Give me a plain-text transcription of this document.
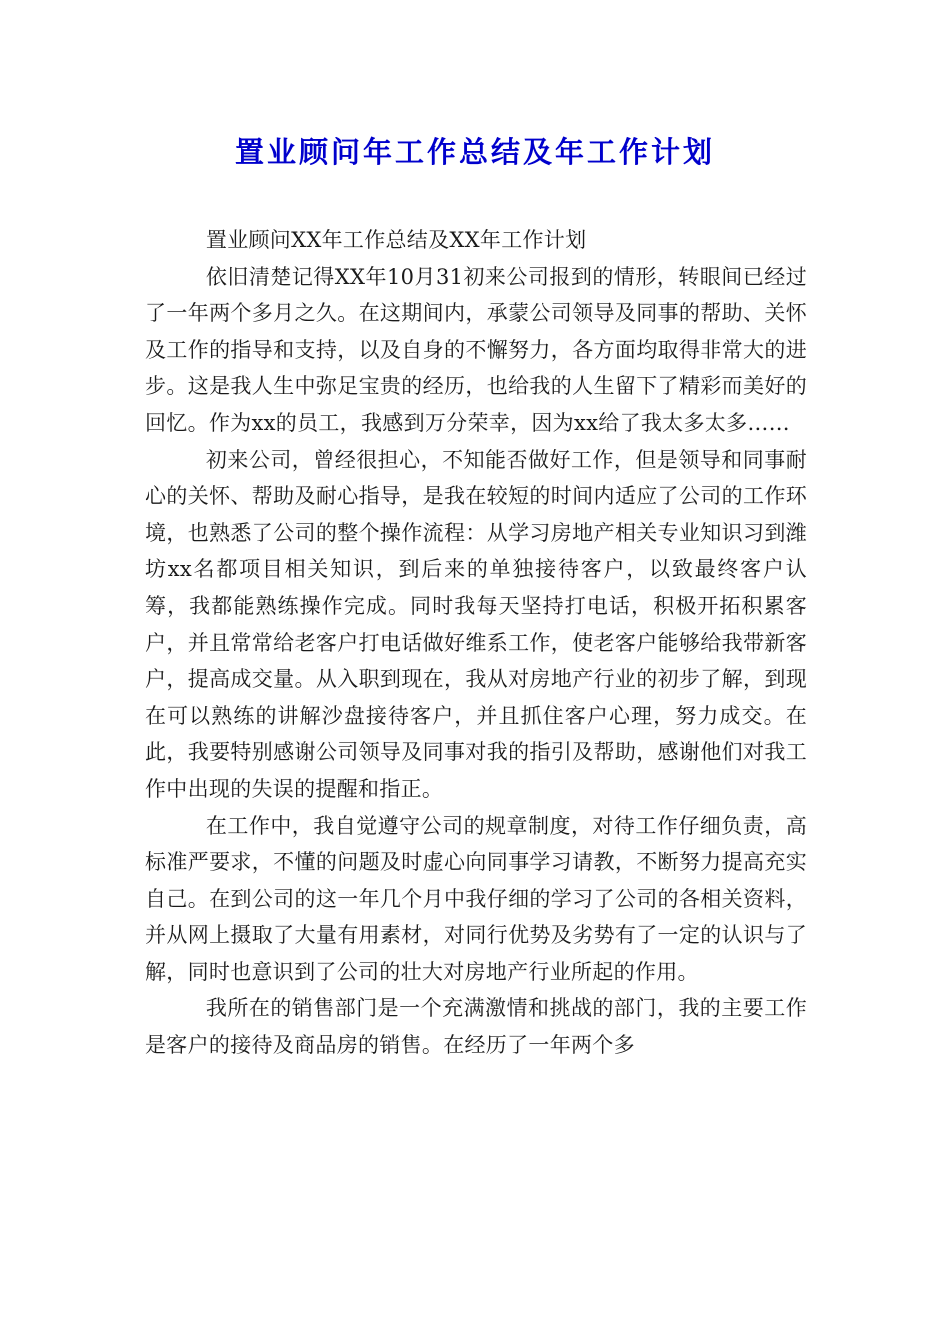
置业顾问年工作总结及年工作计划

置业顾问XX年工作总结及XX年工作计划

依旧清楚记得XX年10月31初来公司报到的情形，转眼间已经过了一年两个多月之久。在这期间内，承蒙公司领导及同事的帮助、关怀及工作的指导和支持，以及自身的不懈努力，各方面均取得非常大的进步。这是我人生中弥足宝贵的经历，也给我的人生留下了精彩而美好的回忆。作为xx的员工，我感到万分荣幸，因为xx给了我太多太多……

初来公司，曾经很担心，不知能否做好工作，但是领导和同事耐心的关怀、帮助及耐心指导，是我在较短的时间内适应了公司的工作环境，也熟悉了公司的整个操作流程：从学习房地产相关专业知识习到潍坊xx名都项目相关知识，到后来的单独接待客户，以致最终客户认筹，我都能熟练操作完成。同时我每天坚持打电话，积极开拓积累客户，并且常常给老客户打电话做好维系工作，使老客户能够给我带新客户，提高成交量。从入职到现在，我从对房地产行业的初步了解，到现在可以熟练的讲解沙盘接待客户，并且抓住客户心理，努力成交。在此，我要特别感谢公司领导及同事对我的指引及帮助，感谢他们对我工作中出现的失误的提醒和指正。

在工作中，我自觉遵守公司的规章制度，对待工作仔细负责，高标准严要求，不懂的问题及时虚心向同事学习请教，不断努力提高充实自己。在到公司的这一年几个月中我仔细的学习了公司的各相关资料，并从网上摄取了大量有用素材，对同行优势及劣势有了一定的认识与了解，同时也意识到了公司的壮大对房地产行业所起的作用。

我所在的销售部门是一个充满激情和挑战的部门，我的主要工作是客户的接待及商品房的销售。在经历了一年两个多
